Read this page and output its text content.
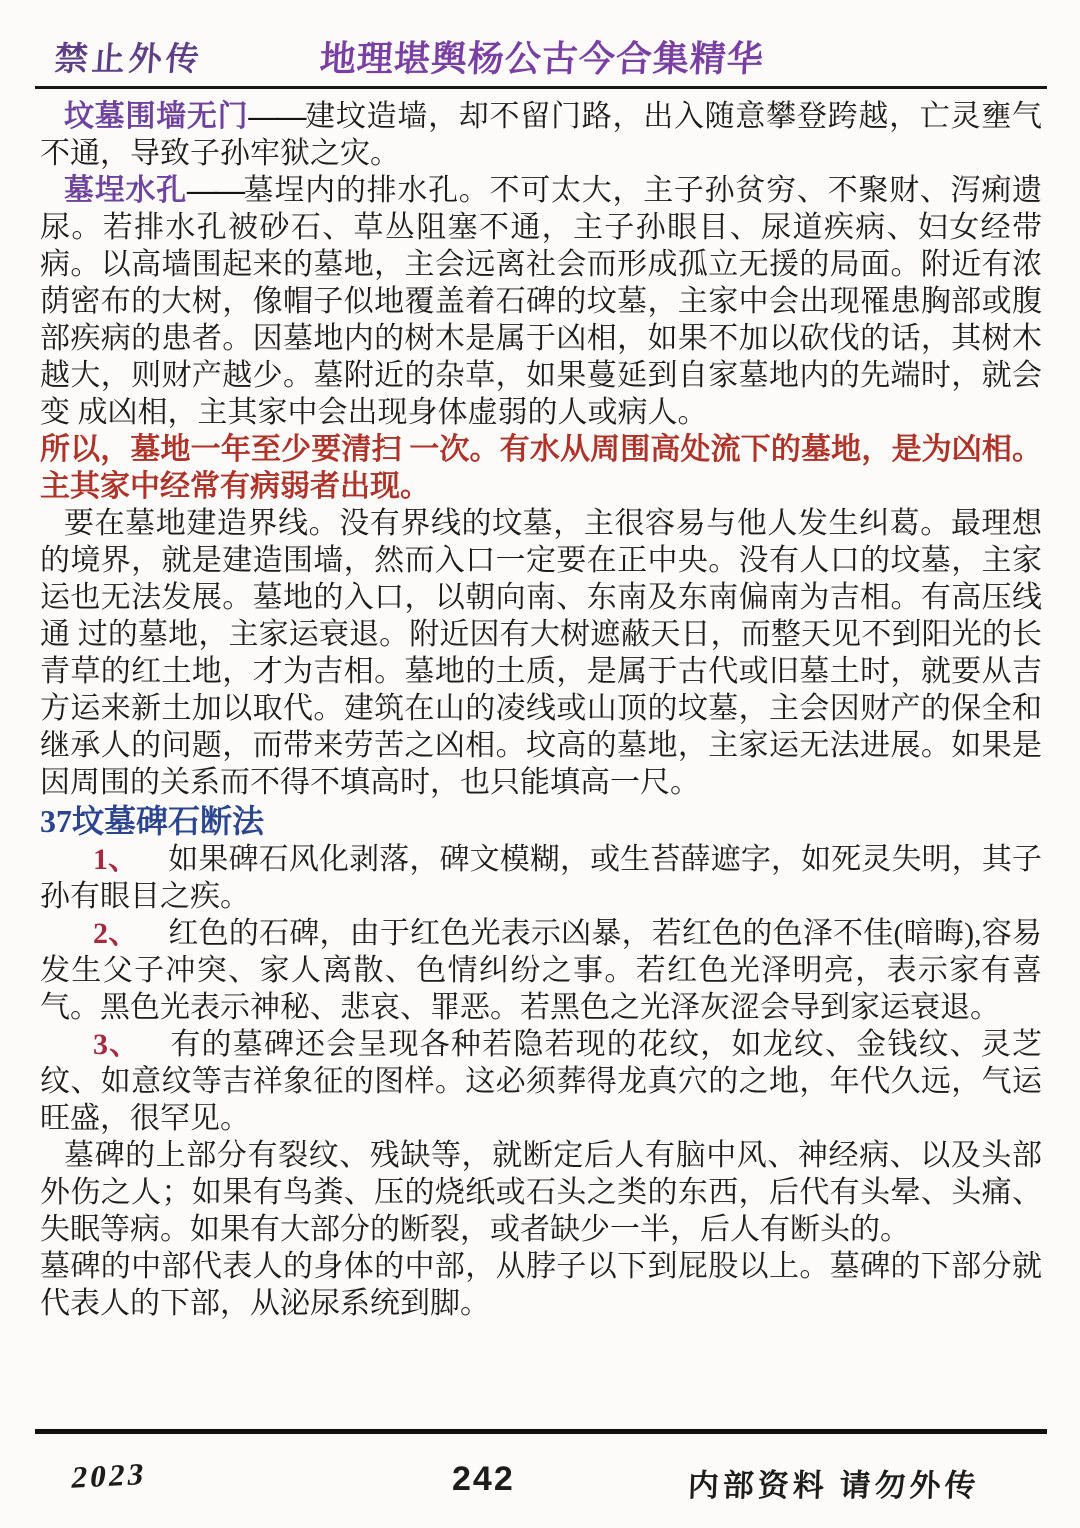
禁止外传	地理堪舆杨公古今合集精华

坟墓围墙无门——建坟造墙，却不留门路，出入随意攀登跨越，亡灵壅气不通，导致子孙牢狱之灾。

墓埕水孔——墓埕内的排水孔。不可太大，主子孙贫穷、不聚财、泻痢遗尿。若排水孔被砂石、草丛阻塞不通，主子孙眼目、尿道疾病、妇女经带病。以高墙围起来的墓地，主会远离社会而形成孤立无援的局面。附近有浓荫密布的大树，像帽子似地覆盖着石碑的坟墓，主家中会出现罹患胸部或腹部疾病的患者。因墓地内的树木是属于凶相，如果不加以砍伐的话，其树木越大，则财产越少。墓附近的杂草，如果蔓延到自家墓地内的先端时，就会变 成凶相，主其家中会出现身体虚弱的人或病人。

所以，墓地一年至少要清扫 一次。有水从周围高处流下的墓地，是为凶相。主其家中经常有病弱者出现。

要在墓地建造界线。没有界线的坟墓，主很容易与他人发生纠葛。最理想的境界，就是建造围墙，然而入口一定要在正中央。没有人口的坟墓，主家运也无法发展。墓地的入口，以朝向南、东南及东南偏南为吉相。有高压线通 过的墓地，主家运衰退。附近因有大树遮蔽天日，而整天见不到阳光的长青草的红土地，才为吉相。墓地的土质，是属于古代或旧墓土时，就要从吉方运来新土加以取代。建筑在山的凌线或山顶的坟墓，主会因财产的保全和继承人的问题，而带来劳苦之凶相。坟高的墓地，主家运无法进展。如果是因周围的关系而不得不填高时，也只能填高一尺。

37坟墓碑石断法

1、 如果碑石风化剥落，碑文模糊，或生苔薛遮字，如死灵失明，其子孙有眼目之疾。

2、 红色的石碑，由于红色光表示凶暴，若红色的色泽不佳(暗晦),容易发生父子冲突、家人离散、色情纠纷之事。若红色光泽明亮，表示家有喜气。黑色光表示神秘、悲哀、罪恶。若黑色之光泽灰涩会导到家运衰退。

3、 有的墓碑还会呈现各种若隐若现的花纹，如龙纹、金钱纹、灵芝纹、如意纹等吉祥象征的图样。这必须葬得龙真穴的之地，年代久远，气运旺盛，很罕见。

墓碑的上部分有裂纹、残缺等，就断定后人有脑中风、神经病、以及头部外伤之人；如果有鸟粪、压的烧纸或石头之类的东西，后代有头晕、头痛、失眠等病。如果有大部分的断裂，或者缺少一半，后人有断头的。

墓碑的中部代表人的身体的中部，从脖子以下到屁股以上。墓碑的下部分就代表人的下部，从泌尿系统到脚。

2023	242	内部资料 请勿外传
